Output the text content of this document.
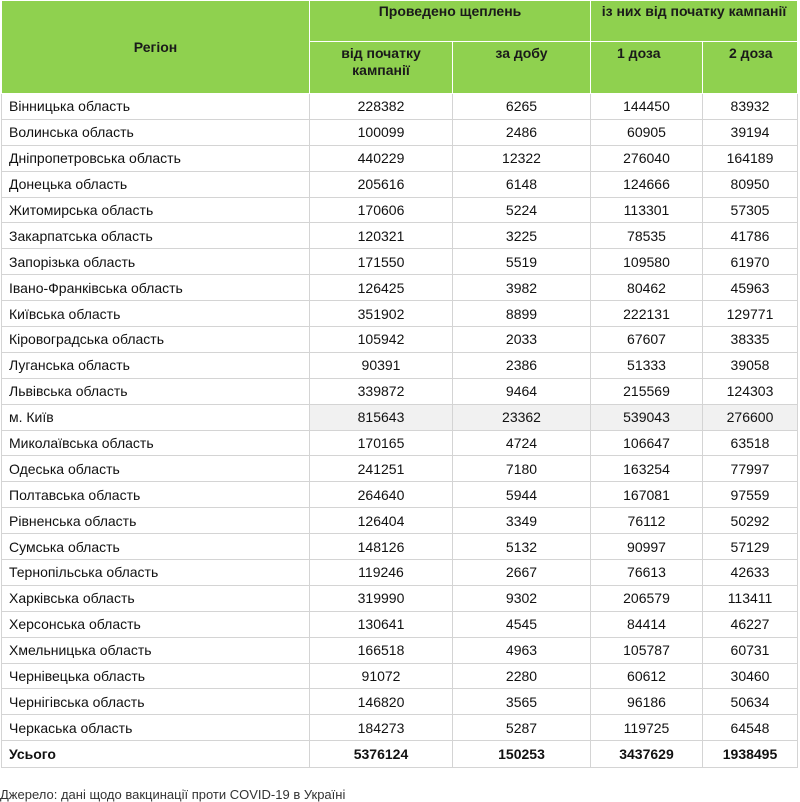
Регіон	Проведено щеплень		із них від початку кампанії	
	від початку кампанії	за добу	1 доза	2 доза
Вінницька область	228382	6265	144450	83932
Волинська область	100099	2486	60905	39194
Дніпропетровська область	440229	12322	276040	164189
Донецька область	205616	6148	124666	80950
Житомирська область	170606	5224	113301	57305
Закарпатська область	120321	3225	78535	41786
Запорізька область	171550	5519	109580	61970
Івано-Франківська область	126425	3982	80462	45963
Київська область	351902	8899	222131	129771
Кіровоградська область	105942	2033	67607	38335
Луганська область	90391	2386	51333	39058
Львівська область	339872	9464	215569	124303
м. Київ	815643	23362	539043	276600
Миколаївська область	170165	4724	106647	63518
Одеська область	241251	7180	163254	77997
Полтавська область	264640	5944	167081	97559
Рівненська область	126404	3349	76112	50292
Сумська область	148126	5132	90997	57129
Тернопільська область	119246	2667	76613	42633
Харківська область	319990	9302	206579	113411
Херсонська область	130641	4545	84414	46227
Хмельницька область	166518	4963	105787	60731
Чернівецька область	91072	2280	60612	30460
Чернігівська область	146820	3565	96186	50634
Черкаська область	184273	5287	119725	64548
Усього	5376124	150253	3437629	1938495
Джерело: дані щодо вакцинації проти COVID-19 в Україні
